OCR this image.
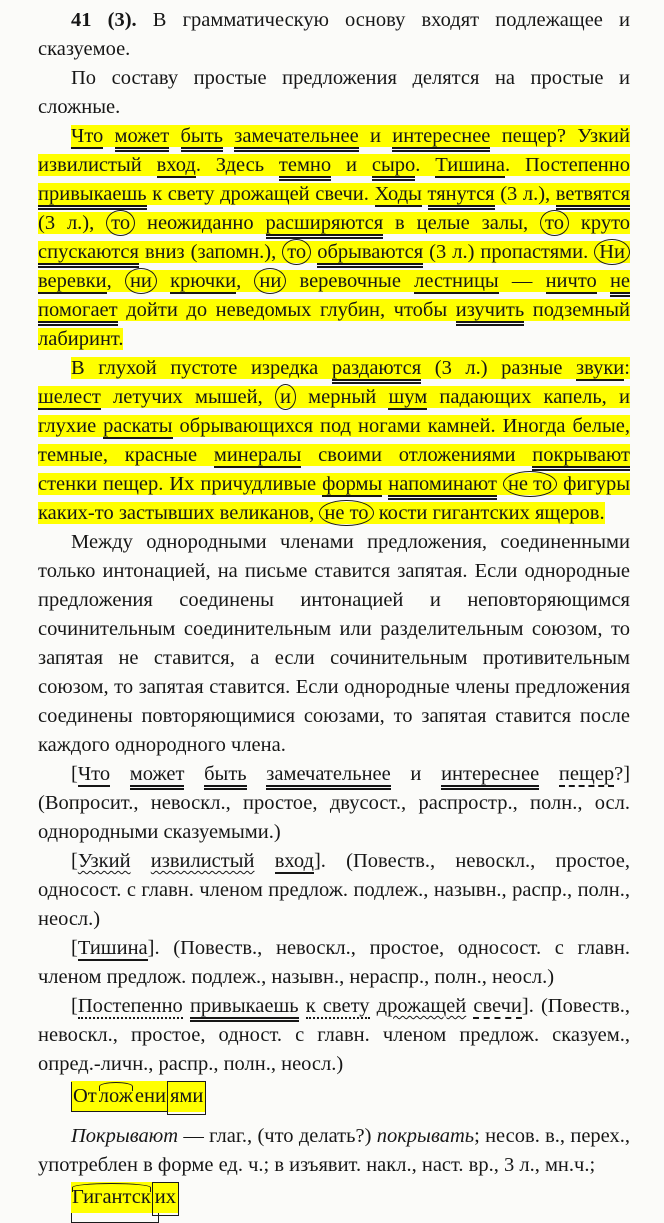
41 (3). В грамматическую основу входят подлежащее и сказуемое.

По составу простые предложения делятся на простые и сложные.

Что может быть замечательнее и интереснее пещер? Узкий извилистый вход. Здесь темно и сыро. Тишина. Постепенно привыкаешь к свету дрожащей свечи. Ходы тянутся (3 л.), ветвятся (3 л.), то неожиданно расширяются в целые залы, то круто спускаются вниз (запомн.), то обрываются (3 л.) пропастями. Ни веревки, ни крючки, ни веревочные лестницы — ничто не помогает дойти до неведомых глубин, чтобы изучить подземный лабиринт.

В глухой пустоте изредка раздаются (3 л.) разные звуки: шелест летучих мышей, и мерный шум падающих капель, и глухие раскаты обрывающихся под ногами камней. Иногда белые, темные, красные минералы своими отложениями покрывают стенки пещер. Их причудливые формы напоминают не то фигуры каких-то застывших великанов, не то кости гигантских ящеров.

Между однородными членами предложения, соединенными только интонацией, на письме ставится запятая. Если однородные предложения соединены интонацией и неповторяющимся сочинительным соединительным или разделительным союзом, то запятая не ставится, а если сочинительным противительным союзом, то запятая ставится. Если однородные члены предложения соединены повторяющимися союзами, то запятая ставится после каждого однородного члена.

[Что может быть замечательнее и интереснее пещер?] (Вопросит., невоскл., простое, двусост., распростр., полн., осл. однородными сказуемыми.)

[Узкий извилистый вход]. (Повеств., невоскл., простое, односост. с главн. членом предлож. подлеж., назывн., распр., полн., неосл.)

[Тишина]. (Повеств., невоскл., простое, односост. с главн. членом предлож. подлеж., назывн., нераспр., полн., неосл.)

[Постепенно привыкаешь к свету дрожащей свечи]. (Повеств., невоскл., простое, одност. с главн. членом предлож. сказуем., опред.-личн., распр., полн., неосл.)

Отложени ями

Покрывают — глаг., (что делать?) покрывать; несов. в., перех., употреблен в форме ед. ч.; в изъявит. накл., наст. вр., 3 л., мн.ч.;

Гигантск их
